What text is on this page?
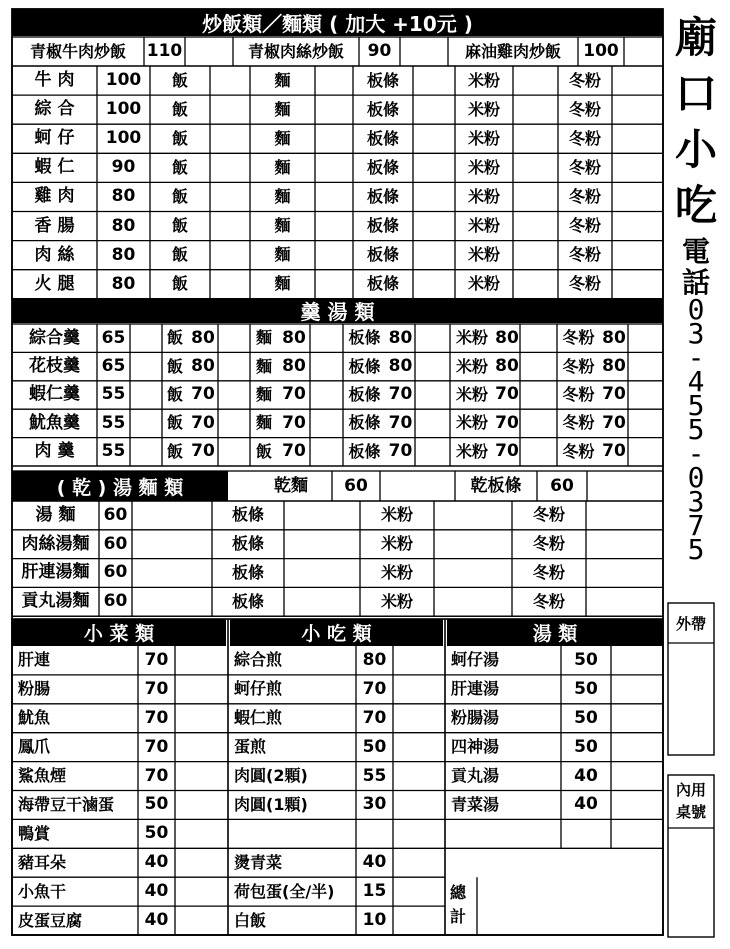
炒飯類／麵類 ( 加大 +10元 )
青椒牛肉炒飯	110	青椒肉絲炒飯	90	麻油雞肉炒飯	100
牛 肉	100	飯	麵	板條	米粉	冬粉
綜 合	100	飯	麵	板條	米粉	冬粉
蚵 仔	100	飯	麵	板條	米粉	冬粉
蝦 仁	90	飯	麵	板條	米粉	冬粉
雞 肉	80	飯	麵	板條	米粉	冬粉
香 腸	80	飯	麵	板條	米粉	冬粉
肉 絲	80	飯	麵	板條	米粉	冬粉
火 腿	80	飯	麵	板條	米粉	冬粉
羹 湯 類
綜合羹	65	飯 80	麵 80	板條 80	米粉 80	冬粉 80
花枝羹	65	飯 80	麵 80	板條 80	米粉 80	冬粉 80
蝦仁羹	55	飯 70	麵 70	板條 70	米粉 70	冬粉 70
魷魚羹	55	飯 70	麵 70	板條 70	米粉 70	冬粉 70
肉 羹	55	飯 70	飯 70	板條 70	米粉 70	冬粉 70
( 乾 ) 湯 麵 類	乾麵	60	乾板條	60
湯 麵	60	板條	米粉	冬粉
肉絲湯麵 60	板條	米粉	冬粉
肝連湯麵 60	板條	米粉	冬粉
貢丸湯麵 60	板條	米粉	冬粉
小 菜 類	小 吃 類	湯 類
肝連	70	綜合煎	80	蚵仔湯	50
粉腸	70	蚵仔煎	70	肝連湯	50
魷魚	70	蝦仁煎	70	粉腸湯	50
鳳爪	70	蛋煎	50	四神湯	50
鯊魚煙	70	肉圓(2顆)	55	貢丸湯	40
海帶豆干滷蛋	50	肉圓(1顆)	30	青菜湯	40
鴨賞	50
豬耳朵	40	燙青菜	40
小魚干	40	荷包蛋(全/半)	15
皮蛋豆腐	40	白飯	10
總
計
廟
口
小
吃
電
話
0
3
-
4
5
5
-
0
3
7
5
外帶
內用
桌號
